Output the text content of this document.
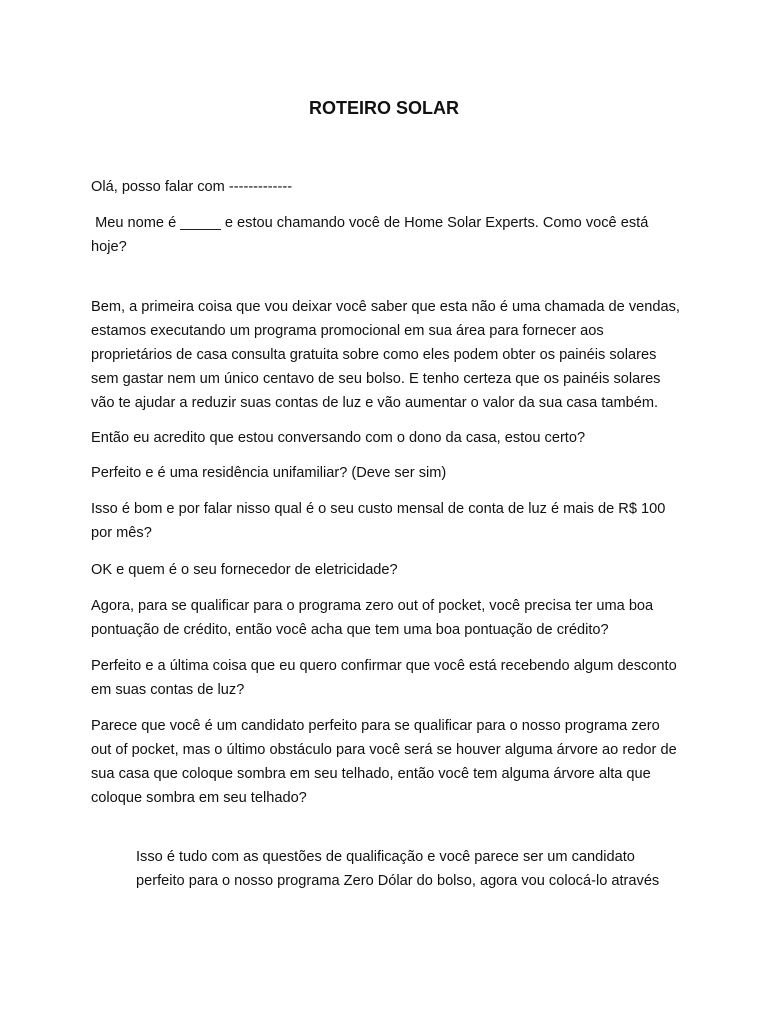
ROTEIRO SOLAR

Olá, posso falar com -------------

Meu nome é _____ e estou chamando você de Home Solar Experts. Como você está hoje?

Bem, a primeira coisa que vou deixar você saber que esta não é uma chamada de vendas, estamos executando um programa promocional em sua área para fornecer aos proprietários de casa consulta gratuita sobre como eles podem obter os painéis solares sem gastar nem um único centavo de seu bolso. E tenho certeza que os painéis solares vão te ajudar a reduzir suas contas de luz e vão aumentar o valor da sua casa também.

Então eu acredito que estou conversando com o dono da casa, estou certo?

Perfeito e é uma residência unifamiliar? (Deve ser sim)

Isso é bom e por falar nisso qual é o seu custo mensal de conta de luz é mais de R$ 100 por mês?

OK e quem é o seu fornecedor de eletricidade?

Agora, para se qualificar para o programa zero out of pocket, você precisa ter uma boa pontuação de crédito, então você acha que tem uma boa pontuação de crédito?

Perfeito e a última coisa que eu quero confirmar que você está recebendo algum desconto em suas contas de luz?

Parece que você é um candidato perfeito para se qualificar para o nosso programa zero out of pocket, mas o último obstáculo para você será se houver alguma árvore ao redor de sua casa que coloque sombra em seu telhado, então você tem alguma árvore alta que coloque sombra em seu telhado?

Isso é tudo com as questões de qualificação e você parece ser um candidato perfeito para o nosso programa Zero Dólar do bolso, agora vou colocá-lo através
